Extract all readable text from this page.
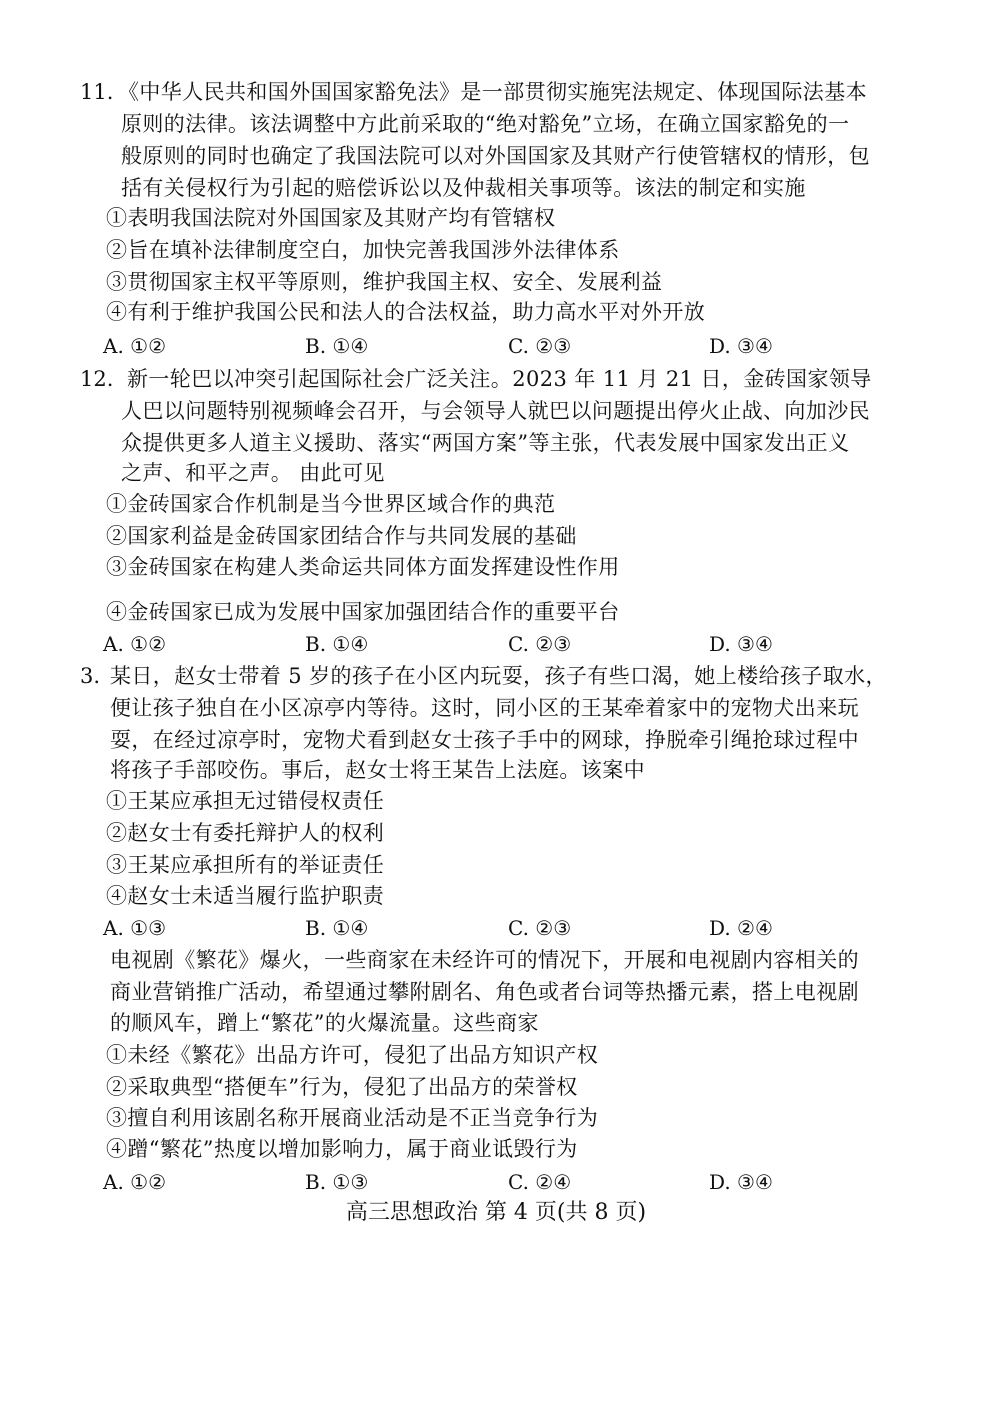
11. 《中华人民共和国外国国家豁免法》是一部贯彻实施宪法规定、体现国际法基本
原则的法律。该法调整中方此前采取的“绝对豁免”立场，在确立国家豁免的一
般原则的同时也确定了我国法院可以对外国国家及其财产行使管辖权的情形，包
括有关侵权行为引起的赔偿诉讼以及仲裁相关事项等。该法的制定和实施
①表明我国法院对外国国家及其财产均有管辖权
②旨在填补法律制度空白，加快完善我国涉外法律体系
③贯彻国家主权平等原则，维护我国主权、安全、发展利益
④有利于维护我国公民和法人的合法权益，助力高水平对外开放
A. ①②	B. ①④	C. ②③	D. ③④
12. 新一轮巴以冲突引起国际社会广泛关注。2023 年 11 月 21 日，金砖国家领导
人巴以问题特别视频峰会召开，与会领导人就巴以问题提出停火止战、向加沙民
众提供更多人道主义援助、落实“两国方案”等主张，代表发展中国家发出正义
之声、和平之声。 由此可见
①金砖国家合作机制是当今世界区域合作的典范
②国家利益是金砖国家团结合作与共同发展的基础
③金砖国家在构建人类命运共同体方面发挥建设性作用
④金砖国家已成为发展中国家加强团结合作的重要平台
A. ①②	B. ①④	C. ②③	D. ③④
3. 某日，赵女士带着 5 岁的孩子在小区内玩耍，孩子有些口渴，她上楼给孩子取水，
便让孩子独自在小区凉亭内等待。这时，同小区的王某牵着家中的宠物犬出来玩
耍，在经过凉亭时，宠物犬看到赵女士孩子手中的网球，挣脱牵引绳抢球过程中
将孩子手部咬伤。事后，赵女士将王某告上法庭。该案中
①王某应承担无过错侵权责任
②赵女士有委托辩护人的权利
③王某应承担所有的举证责任
④赵女士未适当履行监护职责
A. ①③	B. ①④	C. ②③	D. ②④
电视剧《繁花》爆火，一些商家在未经许可的情况下，开展和电视剧内容相关的
商业营销推广活动，希望通过攀附剧名、角色或者台词等热播元素，搭上电视剧
的顺风车，蹭上“繁花”的火爆流量。这些商家
①未经《繁花》出品方许可，侵犯了出品方知识产权
②采取典型“搭便车”行为，侵犯了出品方的荣誉权
③擅自利用该剧名称开展商业活动是不正当竞争行为
④蹭“繁花”热度以增加影响力，属于商业诋毁行为
A. ①②	B. ①③	C. ②④	D. ③④
高三思想政治 第 4 页(共 8 页)
